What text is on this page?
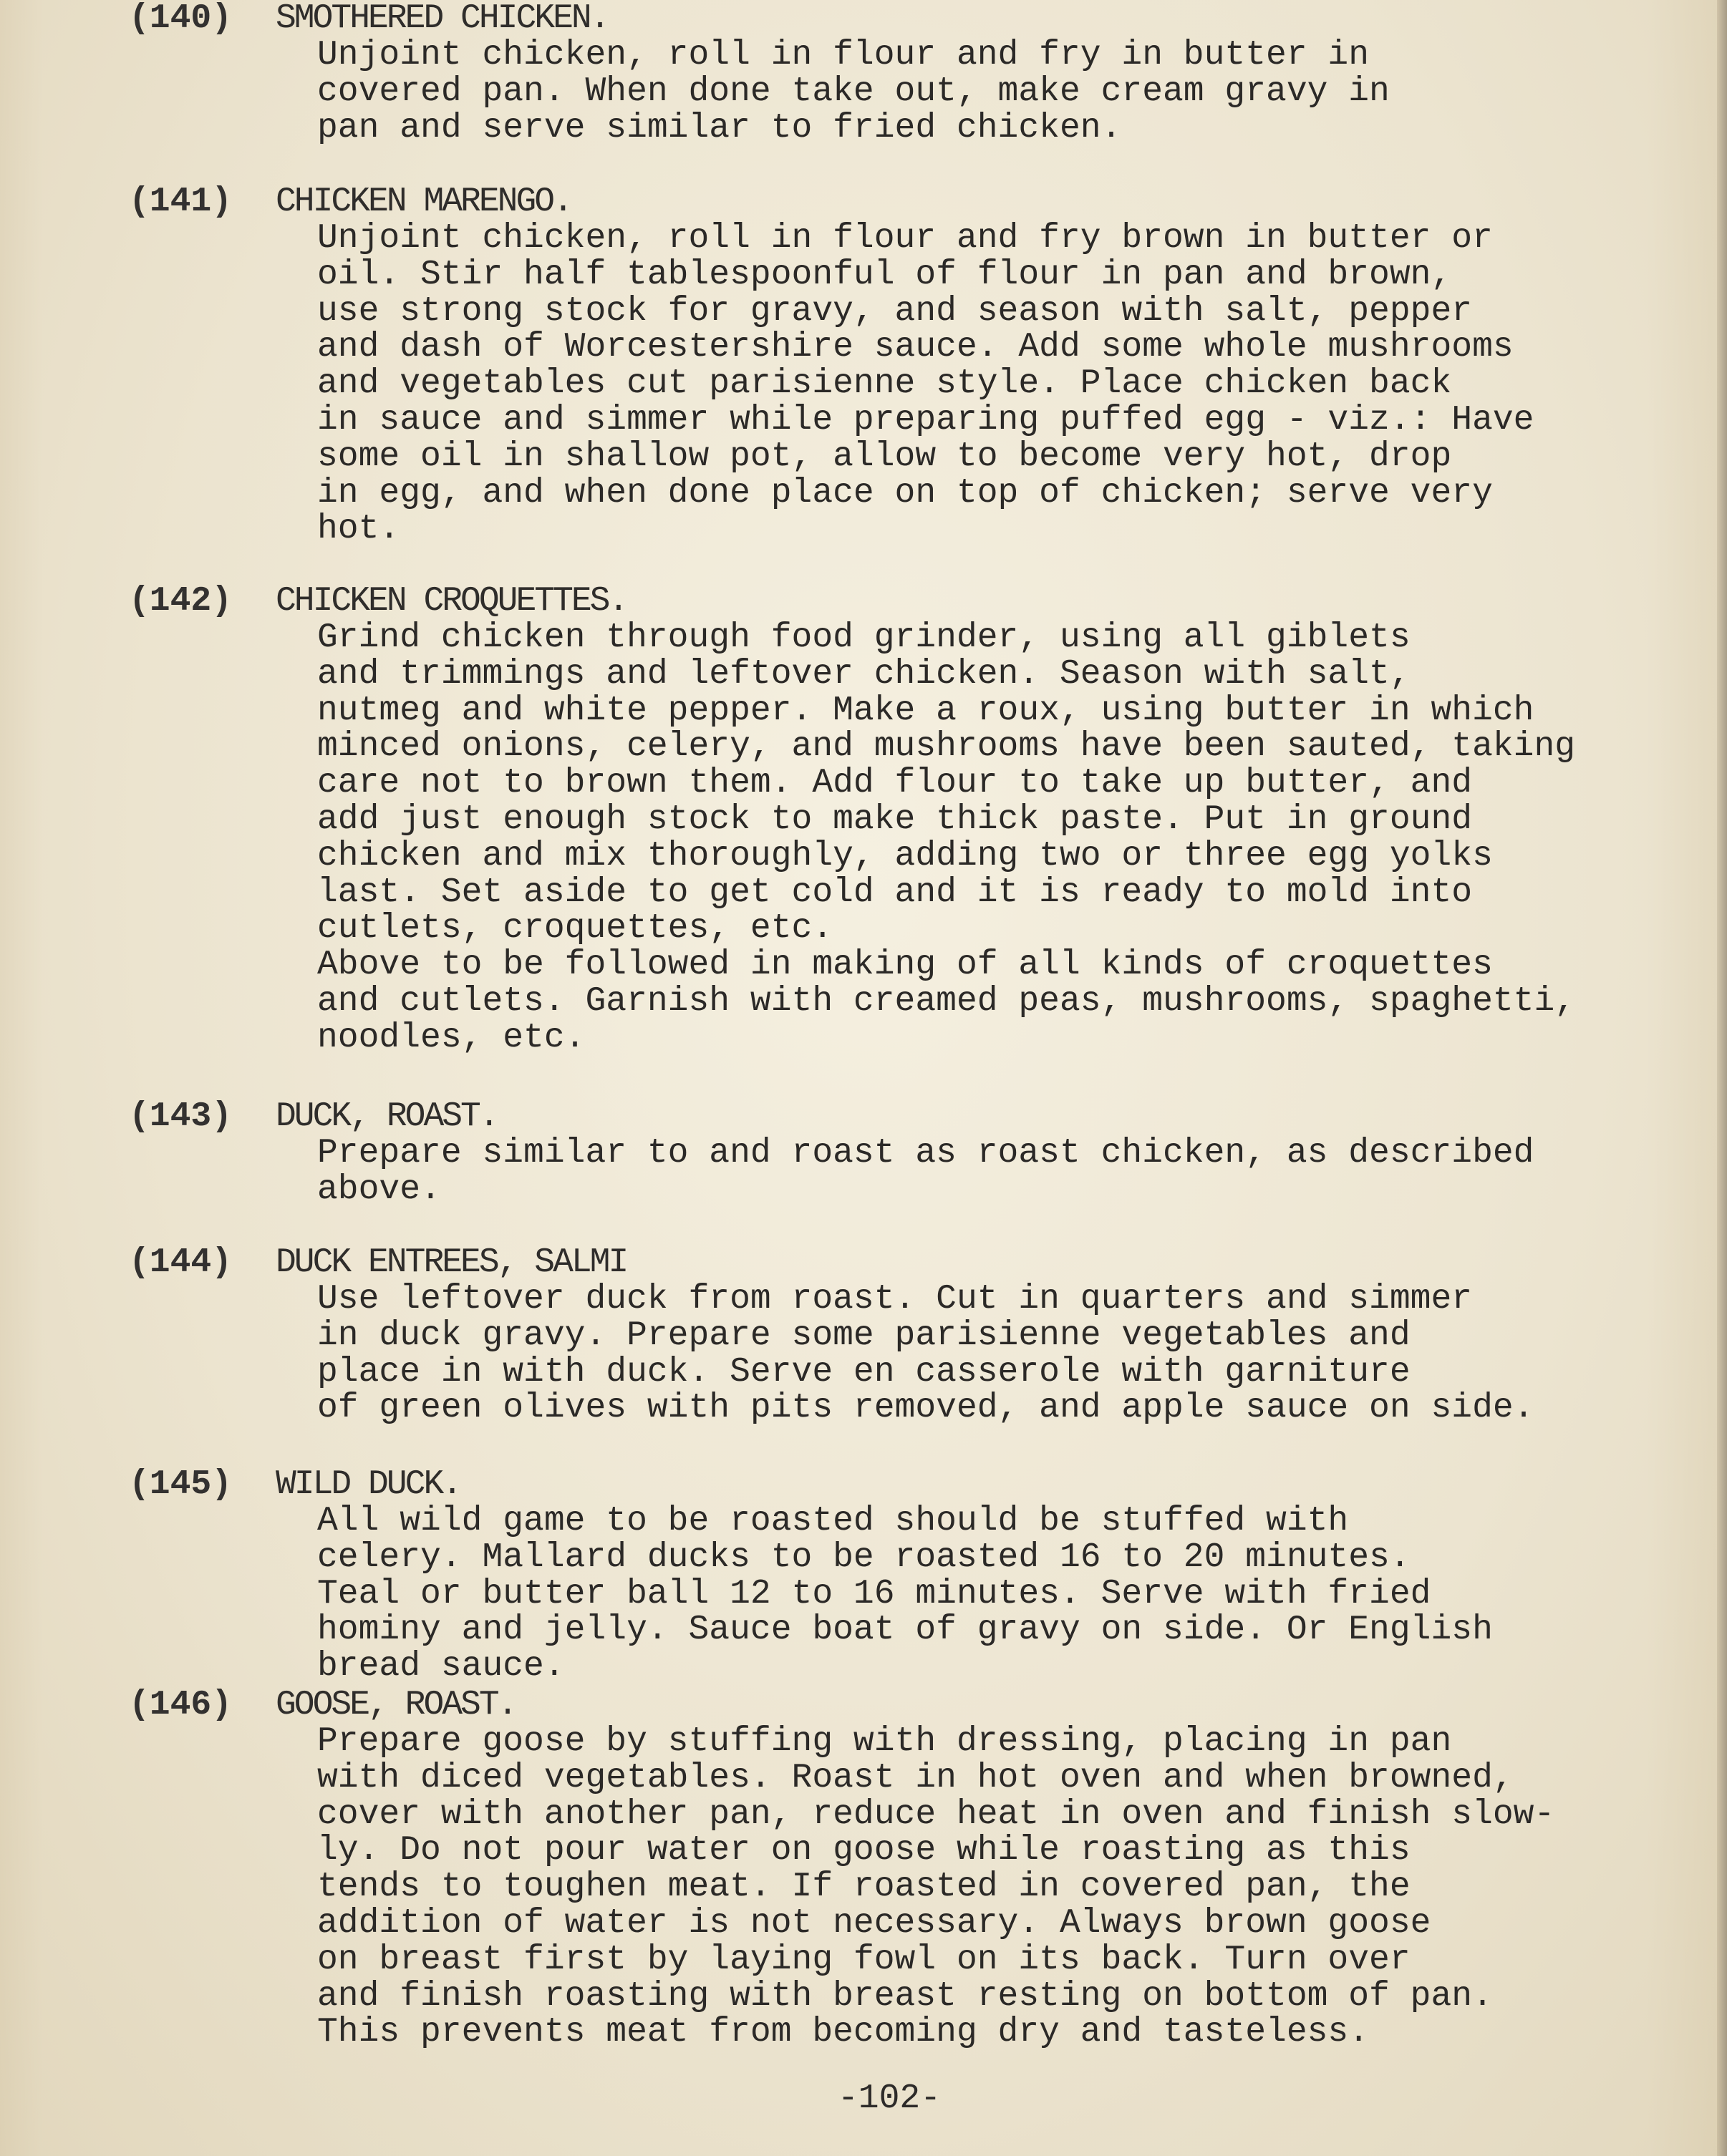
(140) SMOTHERED CHICKEN.
Unjoint chicken, roll in flour and fry in butter in
covered pan. When done take out, make cream gravy in
pan and serve similar to fried chicken.
(141) CHICKEN MARENGO.
Unjoint chicken, roll in flour and fry brown in butter or
oil. Stir half tablespoonful of flour in pan and brown,
use strong stock for gravy, and season with salt, pepper
and dash of Worcestershire sauce. Add some whole mushrooms
and vegetables cut parisienne style. Place chicken back
in sauce and simmer while preparing puffed egg - viz.: Have
some oil in shallow pot, allow to become very hot, drop
in egg, and when done place on top of chicken; serve very
hot.
(142) CHICKEN CROQUETTES.
Grind chicken through food grinder, using all giblets
and trimmings and leftover chicken. Season with salt,
nutmeg and white pepper. Make a roux, using butter in which
minced onions, celery, and mushrooms have been sauted, taking
care not to brown them. Add flour to take up butter, and
add just enough stock to make thick paste. Put in ground
chicken and mix thoroughly, adding two or three egg yolks
last. Set aside to get cold and it is ready to mold into
cutlets, croquettes, etc.
Above to be followed in making of all kinds of croquettes
and cutlets. Garnish with creamed peas, mushrooms, spaghetti,
noodles, etc.
(143) DUCK, ROAST.
Prepare similar to and roast as roast chicken, as described
above.
(144) DUCK ENTREES, SALMI
Use leftover duck from roast. Cut in quarters and simmer
in duck gravy. Prepare some parisienne vegetables and
place in with duck. Serve en casserole with garniture
of green olives with pits removed, and apple sauce on side.
(145) WILD DUCK.
All wild game to be roasted should be stuffed with
celery. Mallard ducks to be roasted 16 to 20 minutes.
Teal or butter ball 12 to 16 minutes. Serve with fried
hominy and jelly. Sauce boat of gravy on side. Or English
bread sauce.
(146) GOOSE, ROAST.
Prepare goose by stuffing with dressing, placing in pan
with diced vegetables. Roast in hot oven and when browned,
cover with another pan, reduce heat in oven and finish slow-
ly. Do not pour water on goose while roasting as this
tends to toughen meat. If roasted in covered pan, the
addition of water is not necessary. Always brown goose
on breast first by laying fowl on its back. Turn over
and finish roasting with breast resting on bottom of pan.
This prevents meat from becoming dry and tasteless.
-102-
